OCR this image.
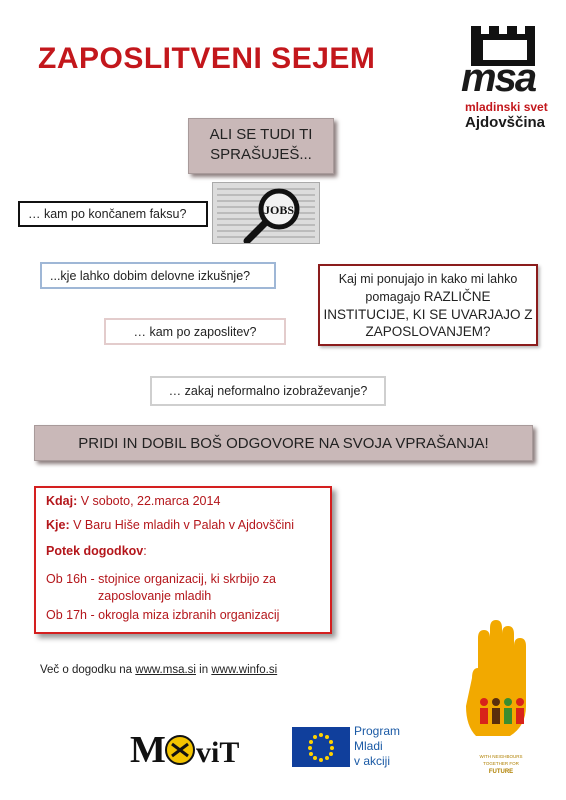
ZAPOSLITVENI SEJEM msa
mladinski svet
Ajdovščina
ALI SE TUDI TI
SPRAŠUJEŠ...
JOBS
… kam po končanem faksu?
...kje lahko dobim delovne izkušnje?
… kam po zaposlitev?
… zakaj neformalno izobraževanje?
Kaj mi ponujajo in kako mi lahko
pomagajo RAZLIČNE
INSTITUCIJE, KI SE UVARJAJO Z
ZAPOSLOVANJEM?
PRIDI IN DOBIL BOŠ ODGOVORE NA SVOJA VPRAŠANJA!
Kdaj: V soboto, 22.marca 2014
Kje: V Baru Hiše mladih v Palah v Ajdovščini
Potek dogodkov:
Ob 16h - stojnice organizacij, ki skrbijo za
zaposlovanje mladih
Ob 17h - okrogla miza izbranih organizacij
Več o dogodku na www.msa.si in www.winfo.si
M viT
Program
Mladi
v akciji	WITH NEIGHBOURS
TOGETHER FOR
FUTURE
